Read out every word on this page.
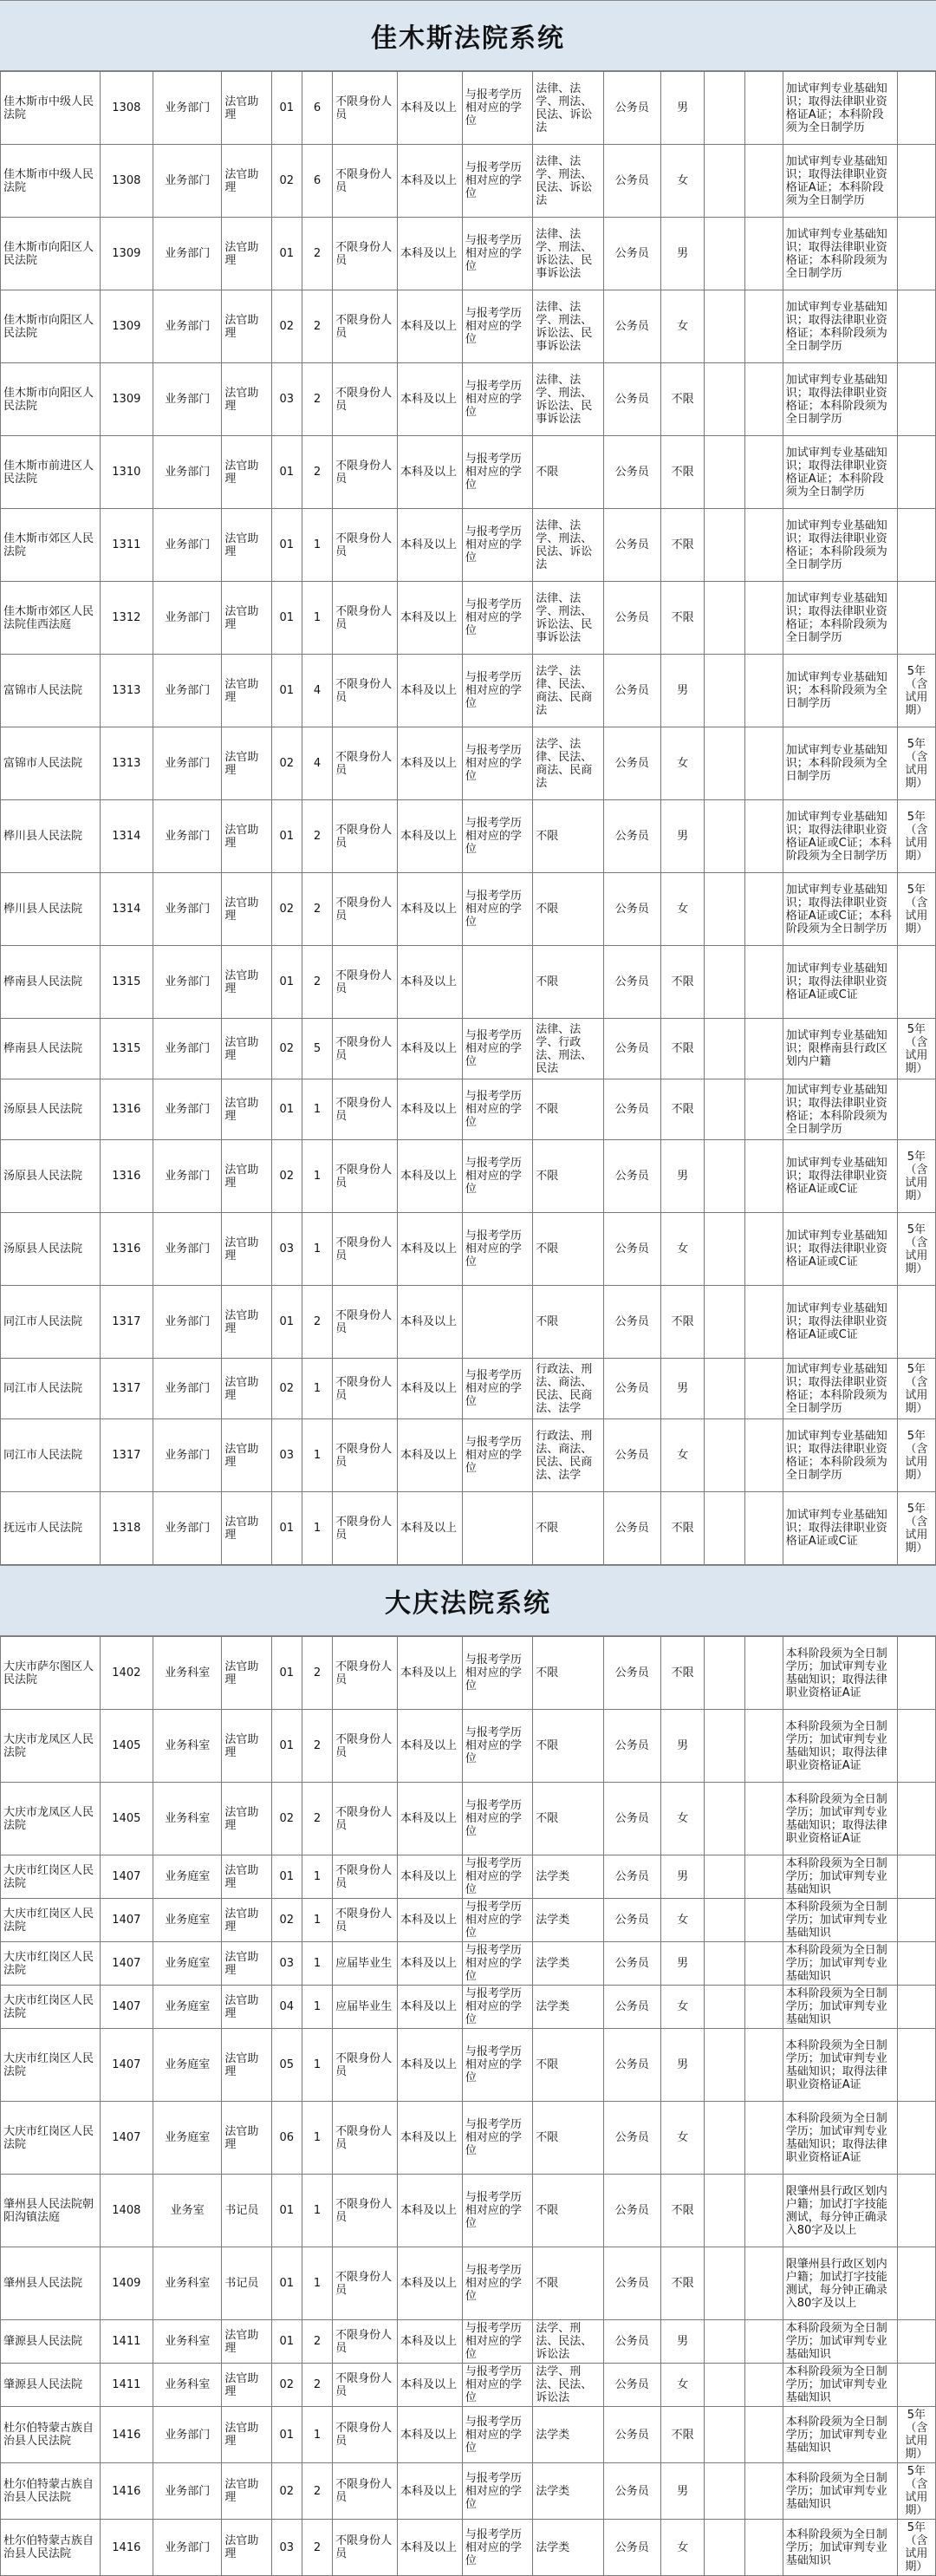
佳木斯法院系统
佳木斯市中级人民法院	1308	业务部门	法官助理	01	6	不限身份人员	本科及以上	与报考学历相对应的学位	法律、法学、刑法、民法、诉讼法	公务员	男			加试审判专业基础知识；取得法律职业资格证A证；本科阶段须为全日制学历	
佳木斯市中级人民法院	1308	业务部门	法官助理	02	6	不限身份人员	本科及以上	与报考学历相对应的学位	法律、法学、刑法、民法、诉讼法	公务员	女			加试审判专业基础知识；取得法律职业资格证A证；本科阶段须为全日制学历	
佳木斯市向阳区人民法院	1309	业务部门	法官助理	01	2	不限身份人员	本科及以上	与报考学历相对应的学位	法律、法学、刑法、诉讼法、民事诉讼法	公务员	男			加试审判专业基础知识；取得法律职业资格证；本科阶段须为全日制学历	
佳木斯市向阳区人民法院	1309	业务部门	法官助理	02	2	不限身份人员	本科及以上	与报考学历相对应的学位	法律、法学、刑法、诉讼法、民事诉讼法	公务员	女			加试审判专业基础知识；取得法律职业资格证；本科阶段须为全日制学历	
佳木斯市向阳区人民法院	1309	业务部门	法官助理	03	2	不限身份人员	本科及以上	与报考学历相对应的学位	法律、法学、刑法、诉讼法、民事诉讼法	公务员	不限			加试审判专业基础知识；取得法律职业资格证；本科阶段须为全日制学历	
佳木斯市前进区人民法院	1310	业务部门	法官助理	01	2	不限身份人员	本科及以上	与报考学历相对应的学位	不限	公务员	不限			加试审判专业基础知识；取得法律职业资格证A证；本科阶段须为全日制学历	
佳木斯市郊区人民法院	1311	业务部门	法官助理	01	1	不限身份人员	本科及以上	与报考学历相对应的学位	法律、法学、刑法、民法、诉讼法	公务员	不限			加试审判专业基础知识；取得法律职业资格证；本科阶段须为全日制学历	
佳木斯市郊区人民法院佳西法庭	1312	业务部门	法官助理	01	1	不限身份人员	本科及以上	与报考学历相对应的学位	法律、法学、刑法、诉讼法、民事诉讼法	公务员	不限			加试审判专业基础知识；取得法律职业资格证；本科阶段须为全日制学历	
富锦市人民法院	1313	业务部门	法官助理	01	4	不限身份人员	本科及以上	与报考学历相对应的学位	法学、法律、民法、商法、民商法	公务员	男			加试审判专业基础知识；本科阶段须为全日制学历	5年（含试用期）
富锦市人民法院	1313	业务部门	法官助理	02	4	不限身份人员	本科及以上	与报考学历相对应的学位	法学、法律、民法、商法、民商法	公务员	女			加试审判专业基础知识；本科阶段须为全日制学历	5年（含试用期）
桦川县人民法院	1314	业务部门	法官助理	01	2	不限身份人员	本科及以上	与报考学历相对应的学位	不限	公务员	男			加试审判专业基础知识；取得法律职业资格证A证或C证；本科阶段须为全日制学历	5年（含试用期）
桦川县人民法院	1314	业务部门	法官助理	02	2	不限身份人员	本科及以上	与报考学历相对应的学位	不限	公务员	女			加试审判专业基础知识；取得法律职业资格证A证或C证；本科阶段须为全日制学历	5年（含试用期）
桦南县人民法院	1315	业务部门	法官助理	01	2	不限身份人员	本科及以上		不限	公务员	不限			加试审判专业基础知识；取得法律职业资格证A证或C证	
桦南县人民法院	1315	业务部门	法官助理	02	5	不限身份人员	本科及以上	与报考学历相对应的学位	法律、法学、行政法、刑法、民法	公务员	不限			加试审判专业基础知识；限桦南县行政区划内户籍	5年（含试用期）
汤原县人民法院	1316	业务部门	法官助理	01	1	不限身份人员	本科及以上	与报考学历相对应的学位	不限	公务员	不限			加试审判专业基础知识；取得法律职业资格证；本科阶段须为全日制学历	
汤原县人民法院	1316	业务部门	法官助理	02	1	不限身份人员	本科及以上	与报考学历相对应的学位	不限	公务员	男			加试审判专业基础知识；取得法律职业资格证A证或C证	5年（含试用期）
汤原县人民法院	1316	业务部门	法官助理	03	1	不限身份人员	本科及以上	与报考学历相对应的学位	不限	公务员	女			加试审判专业基础知识；取得法律职业资格证A证或C证	5年（含试用期）
同江市人民法院	1317	业务部门	法官助理	01	2	不限身份人员	本科及以上		不限	公务员	不限			加试审判专业基础知识；取得法律职业资格证A证或C证	
同江市人民法院	1317	业务部门	法官助理	02	1	不限身份人员	本科及以上	与报考学历相对应的学位	行政法、刑法、商法、民法、民商法、法学	公务员	男			加试审判专业基础知识；取得法律职业资格证；本科阶段须为全日制学历	5年（含试用期）
同江市人民法院	1317	业务部门	法官助理	03	1	不限身份人员	本科及以上	与报考学历相对应的学位	行政法、刑法、商法、民法、民商法、法学	公务员	女			加试审判专业基础知识；取得法律职业资格证；本科阶段须为全日制学历	5年（含试用期）
抚远市人民法院	1318	业务部门	法官助理	01	1	不限身份人员	本科及以上		不限	公务员	不限			加试审判专业基础知识；取得法律职业资格证A证或C证	5年（含试用期）
大庆法院系统
大庆市萨尔图区人民法院	1402	业务科室	法官助理	01	2	不限身份人员	本科及以上	与报考学历相对应的学位	不限	公务员	不限			本科阶段须为全日制学历；加试审判专业基础知识；取得法律职业资格证A证	
大庆市龙凤区人民法院	1405	业务科室	法官助理	01	2	不限身份人员	本科及以上	与报考学历相对应的学位	不限	公务员	男			本科阶段须为全日制学历；加试审判专业基础知识；取得法律职业资格证A证	
大庆市龙凤区人民法院	1405	业务科室	法官助理	02	2	不限身份人员	本科及以上	与报考学历相对应的学位	不限	公务员	女			本科阶段须为全日制学历；加试审判专业基础知识；取得法律职业资格证A证	
大庆市红岗区人民法院	1407	业务庭室	法官助理	01	1	不限身份人员	本科及以上	与报考学历相对应的学位	法学类	公务员	男			本科阶段须为全日制学历；加试审判专业基础知识	
大庆市红岗区人民法院	1407	业务庭室	法官助理	02	1	不限身份人员	本科及以上	与报考学历相对应的学位	法学类	公务员	女			本科阶段须为全日制学历；加试审判专业基础知识	
大庆市红岗区人民法院	1407	业务庭室	法官助理	03	1	应届毕业生	本科及以上	与报考学历相对应的学位	法学类	公务员	男			本科阶段须为全日制学历；加试审判专业基础知识	
大庆市红岗区人民法院	1407	业务庭室	法官助理	04	1	应届毕业生	本科及以上	与报考学历相对应的学位	法学类	公务员	女			本科阶段须为全日制学历；加试审判专业基础知识	
大庆市红岗区人民法院	1407	业务庭室	法官助理	05	1	不限身份人员	本科及以上	与报考学历相对应的学位	不限	公务员	男			本科阶段须为全日制学历；加试审判专业基础知识；取得法律职业资格证A证	
大庆市红岗区人民法院	1407	业务庭室	法官助理	06	1	不限身份人员	本科及以上	与报考学历相对应的学位	不限	公务员	女			本科阶段须为全日制学历；加试审判专业基础知识；取得法律职业资格证A证	
肇州县人民法院朝阳沟镇法庭	1408	业务室	书记员	01	1	不限身份人员	本科及以上	与报考学历相对应的学位	不限	公务员	不限			限肇州县行政区划内户籍；加试打字技能测试，每分钟正确录入80字及以上	
肇州县人民法院	1409	业务科室	书记员	01	1	不限身份人员	本科及以上	与报考学历相对应的学位	不限	公务员	不限			限肇州县行政区划内户籍；加试打字技能测试，每分钟正确录入80字及以上	
肇源县人民法院	1411	业务科室	法官助理	01	2	不限身份人员	本科及以上	与报考学历相对应的学位	法学、刑法、民法、诉讼法	公务员	男			本科阶段须为全日制学历；加试审判专业基础知识	
肇源县人民法院	1411	业务科室	法官助理	02	2	不限身份人员	本科及以上	与报考学历相对应的学位	法学、刑法、民法、诉讼法	公务员	女			本科阶段须为全日制学历；加试审判专业基础知识	
杜尔伯特蒙古族自治县人民法院	1416	业务部门	法官助理	01	1	不限身份人员	本科及以上	与报考学历相对应的学位	法学类	公务员	不限			本科阶段须为全日制学历；加试审判专业基础知识	5年（含试用期）
杜尔伯特蒙古族自治县人民法院	1416	业务部门	法官助理	02	2	不限身份人员	本科及以上	与报考学历相对应的学位	法学类	公务员	男			本科阶段须为全日制学历；加试审判专业基础知识	5年（含试用期）
杜尔伯特蒙古族自治县人民法院	1416	业务部门	法官助理	03	2	不限身份人员	本科及以上	与报考学历相对应的学位	法学类	公务员	女			本科阶段须为全日制学历；加试审判专业基础知识	5年（含试用期）
